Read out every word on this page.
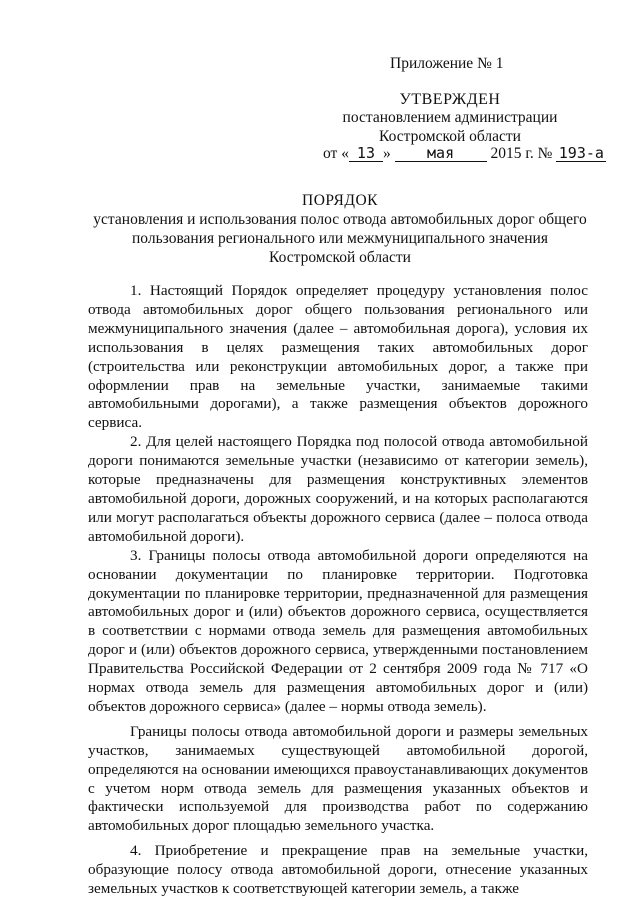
Приложение № 1
УТВЕРЖДЕН
постановлением администрации
Костромской области
от « 13 » мая 2015 г. № 193-а
ПОРЯДОК
установления и использования полос отвода автомобильных дорог общего пользования регионального или межмуниципального значения Костромской области

1. Настоящий Порядок определяет процедуру установления полос отвода автомобильных дорог общего пользования регионального или межмуниципального значения (далее – автомобильная дорога), условия их использования в целях размещения таких автомобильных дорог (строительства или реконструкции автомобильных дорог, а также при оформлении прав на земельные участки, занимаемые такими автомобильными дорогами), а также размещения объектов дорожного сервиса.

2. Для целей настоящего Порядка под полосой отвода автомобильной дороги понимаются земельные участки (независимо от категории земель), которые предназначены для размещения конструктивных элементов автомобильной дороги, дорожных сооружений, и на которых располагаются или могут располагаться объекты дорожного сервиса (далее – полоса отвода автомобильной дороги).

3. Границы полосы отвода автомобильной дороги определяются на основании документации по планировке территории. Подготовка документации по планировке территории, предназначенной для размещения автомобильных дорог и (или) объектов дорожного сервиса, осуществляется в соответствии с нормами отвода земель для размещения автомобильных дорог и (или) объектов дорожного сервиса, утвержденными постановлением Правительства Российской Федерации от 2 сентября 2009 года № 717 «О нормах отвода земель для размещения автомобильных дорог и (или) объектов дорожного сервиса» (далее – нормы отвода земель).

Границы полосы отвода автомобильной дороги и размеры земельных участков, занимаемых существующей автомобильной дорогой, определяются на основании имеющихся правоустанавливающих документов с учетом норм отвода земель для размещения указанных объектов и фактически используемой для производства работ по содержанию автомобильных дорог площадью земельного участка.

4. Приобретение и прекращение прав на земельные участки, образующие полосу отвода автомобильной дороги, отнесение указанных земельных участков к соответствующей категории земель, а также
